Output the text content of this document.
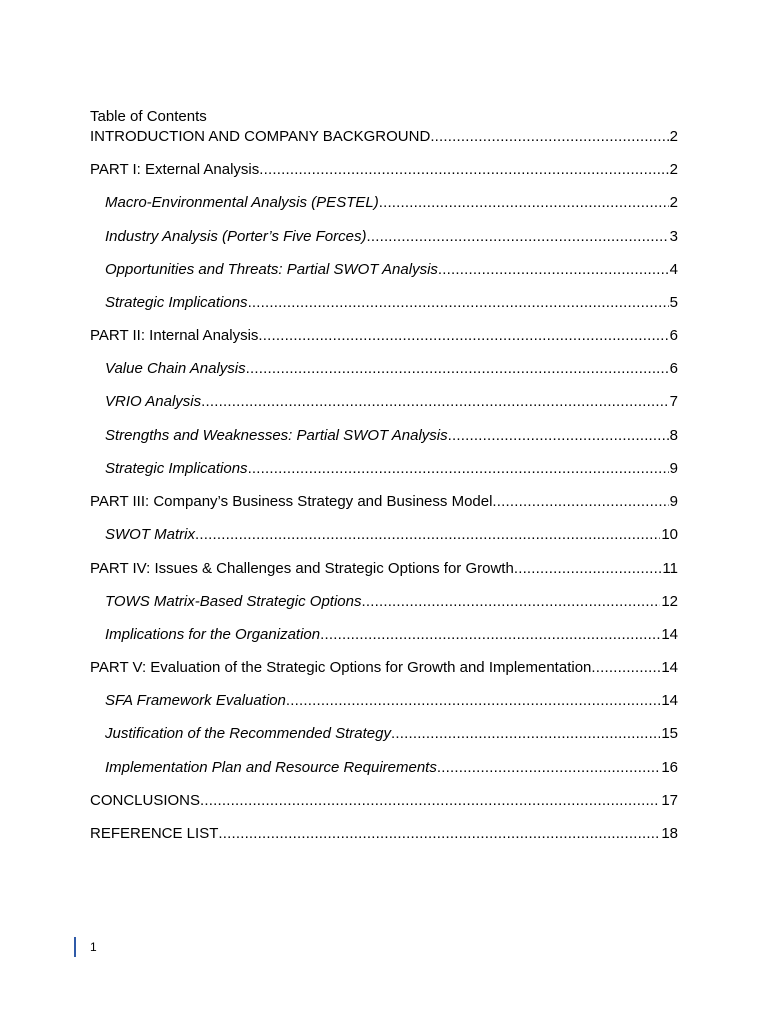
Table of Contents
INTRODUCTION AND COMPANY BACKGROUND .....	2
PART I: External Analysis .....	2
Macro-Environmental Analysis (PESTEL) .....	2
Industry Analysis (Porter’s Five Forces) .....	3
Opportunities and Threats: Partial SWOT Analysis .....	4
Strategic Implications .....	5
PART II: Internal Analysis .....	6
Value Chain Analysis .....	6
VRIO Analysis .....	7
Strengths and Weaknesses: Partial SWOT Analysis .....	8
Strategic Implications .....	9
PART III: Company’s Business Strategy and Business Model .....	9
SWOT Matrix .....	10
PART IV: Issues & Challenges and Strategic Options for Growth .....	11
TOWS Matrix-Based Strategic Options .....	12
Implications for the Organization .....	14
PART V: Evaluation of the Strategic Options for Growth and Implementation .....	14
SFA Framework Evaluation .....	14
Justification of the Recommended Strategy .....	15
Implementation Plan and Resource Requirements .....	16
CONCLUSIONS .....	17
REFERENCE LIST .....	18
1
